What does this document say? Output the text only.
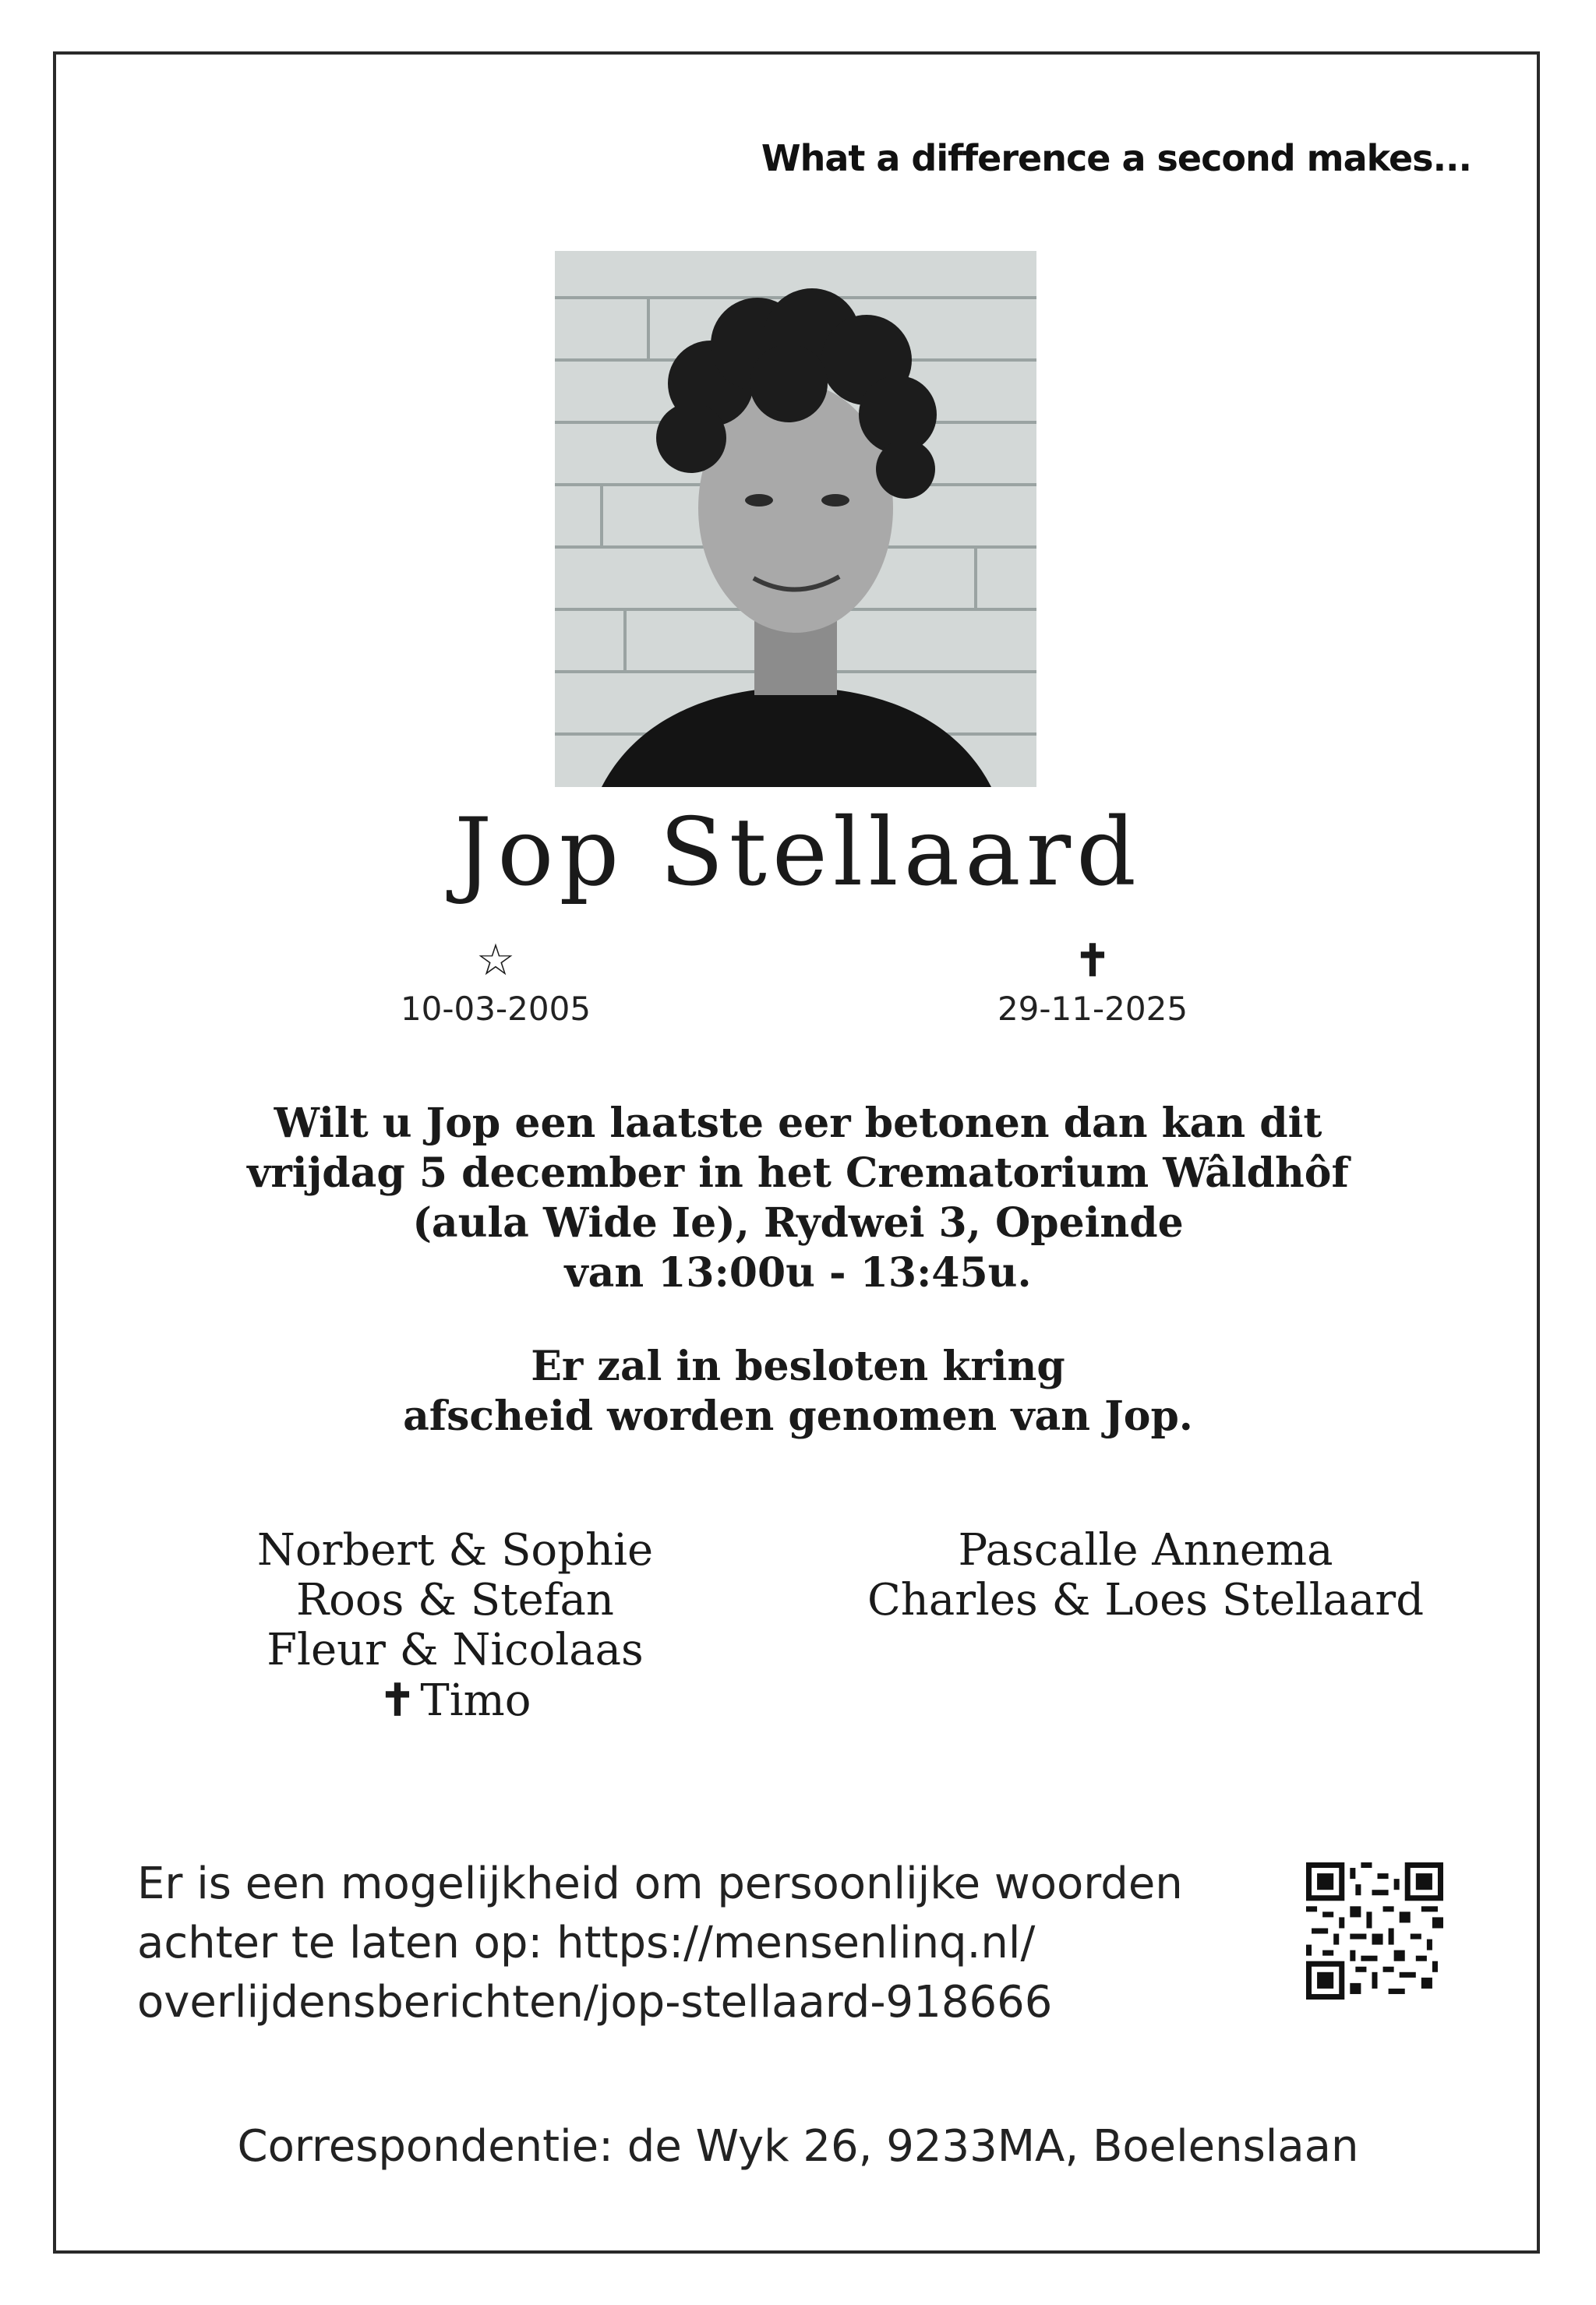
What a difference a second makes...
Jop Stellaard
☆
10-03-2005
✝
29-11-2025
Wilt u Jop een laatste eer betonen dan kan dit
vrijdag 5 december in het Crematorium Wâldhôf
(aula Wide Ie), Rydwei 3, Opeinde
van 13:00u - 13:45u.
Er zal in besloten kring
afscheid worden genomen van Jop.
Norbert & Sophie
Roos & Stefan
Fleur & Nicolaas
✝ Timo
Pascalle Annema
Charles & Loes Stellaard
Er is een mogelijkheid om persoonlijke woorden
achter te laten op: https://mensenlinq.nl/
overlijdensberichten/jop-stellaard-918666
Correspondentie: de Wyk 26, 9233MA, Boelenslaan
